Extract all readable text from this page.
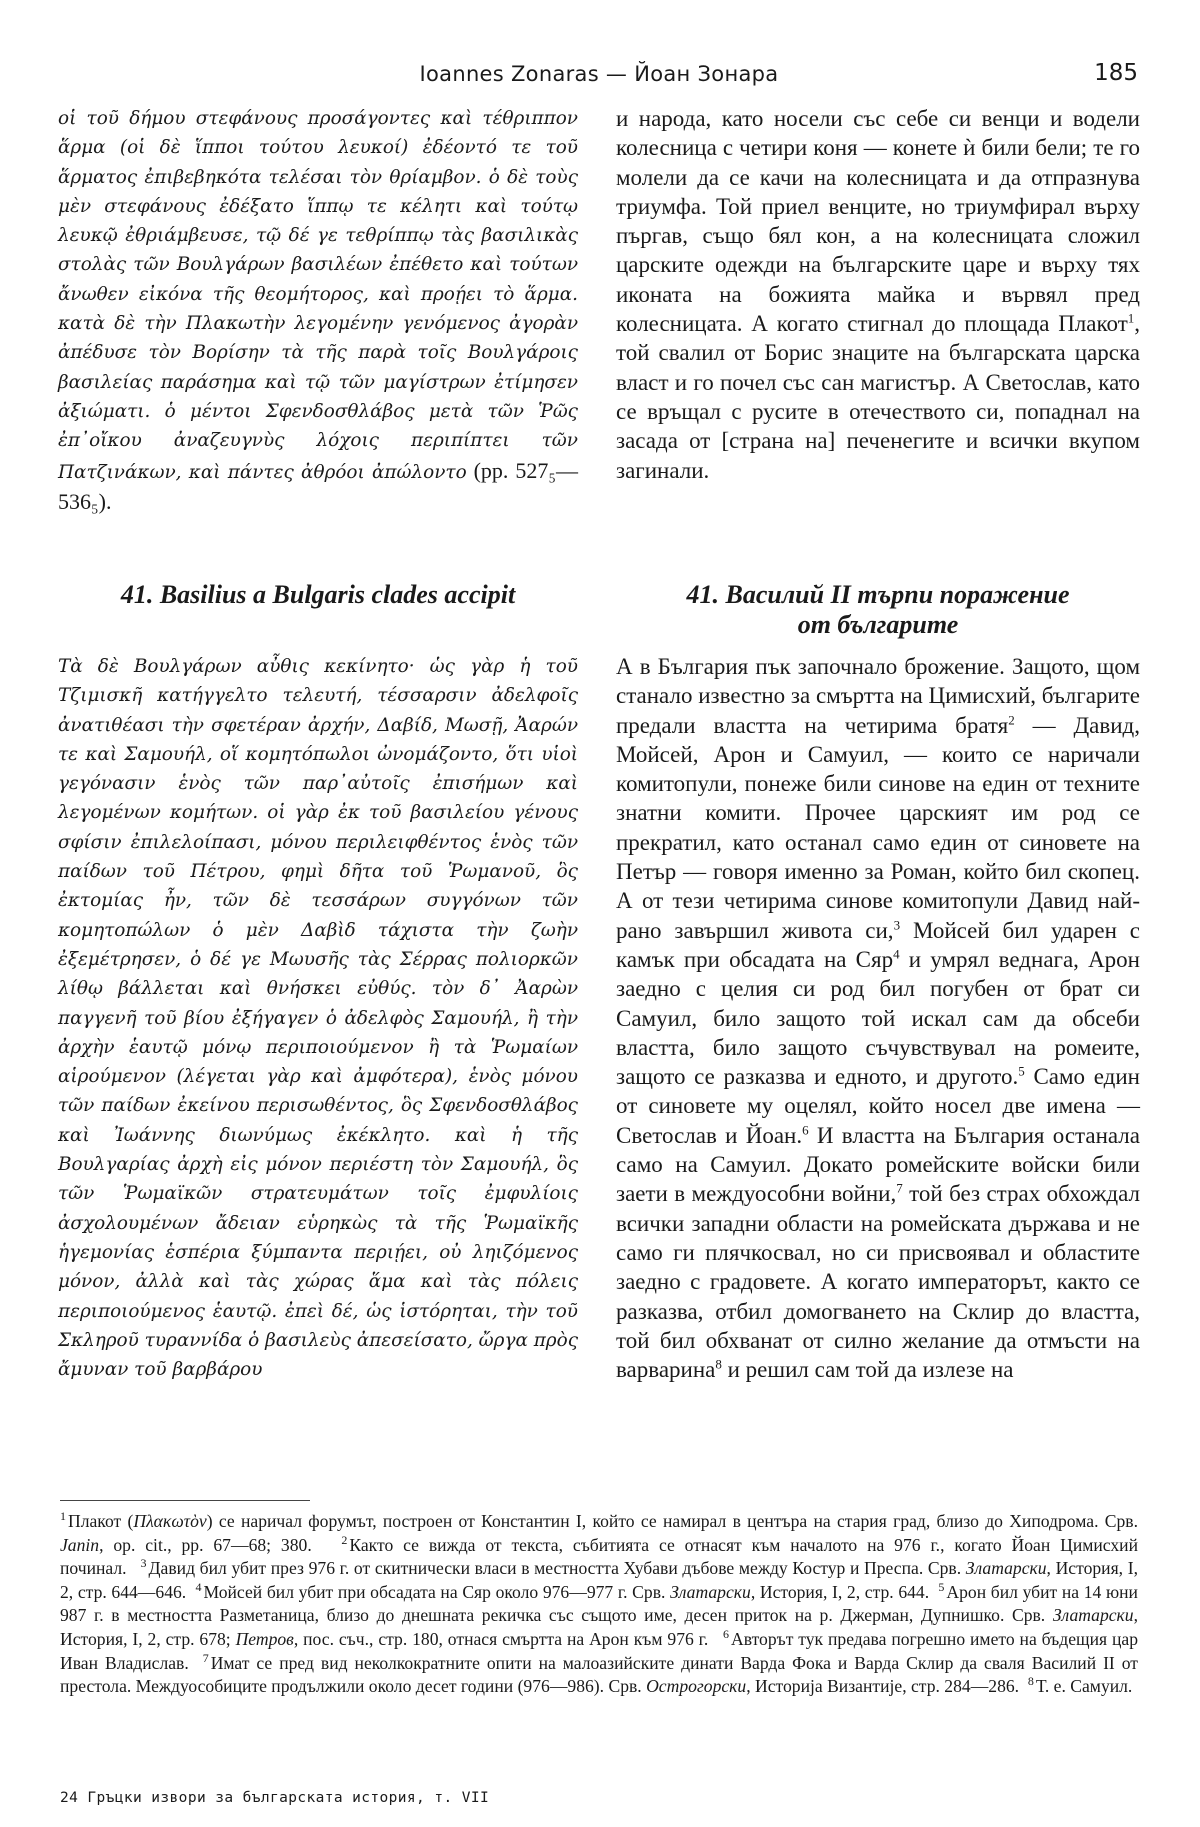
Ioannes Zonaras — Йоан Зонара	185

οἱ τοῦ δήμου στεφάνους προσάγοντες καὶ τέθριππον ἅρμα (οἱ δὲ ἵπποι τούτου λευκοί) ἐδέοντό τε τοῦ ἅρματος ἐπιβεβηκότα τελέσαι τὸν θρίαμβον. ὁ δὲ τοὺς μὲν στεφάνους ἐδέξατο ἵππῳ τε κέλητι καὶ τούτῳ λευκῷ ἐθριάμβευσε, τῷ δέ γε τεθρίππῳ τὰς βασιλικὰς στολὰς τῶν Βουλγάρων βασιλέων ἐπέθετο καὶ τούτων ἄνωθεν εἰκόνα τῆς θεομήτορος, καὶ προῄει τὸ ἅρμα. κατὰ δὲ τὴν Πλακωτὴν λεγομένην γενόμενος ἀγορὰν ἀπέδυσε τὸν Βορίσην τὰ τῆς παρὰ τοῖς Βουλγάροις βασιλείας παράσημα καὶ τῷ τῶν μαγίστρων ἐτίμησεν ἀξιώματι. ὁ μέντοι Σφενδοσθλάβος μετὰ τῶν Ῥῶς ἐπ᾽οἴκου ἀναζευγνὺς λόχοις περιπίπτει τῶν Πατζινάκων, καὶ πάντες ἀθρόοι ἀπώλοντο (pp. 527₅—536₅).

и народа, като носели със себе си венци и водели колесница с четири коня — конете ѝ били бели; те го молели да се качи на колесницата и да отпразнува триумфа. Той приел венците, но триумфирал върху пъргав, също бял кон, а на колесницата сложил царските одежди на българските царе и върху тях иконата на божията майка и вървял пред колесницата. А когато стигнал до площада Плакот$^1$, той свалил от Борис знаците на българската царска власт и го почел със сан магистър. А Светослав, като се връщал с русите в отечеството си, попаднал на засада от [страна на] печенегите и всички вкупом загинали.

41. Basilius a Bulgaris clades accipit	41. Василий II търпи поражение
от българите

Τὰ δὲ Βουλγάρων αὖθις κεκίνητο· ὡς γὰρ ἡ τοῦ Τζιμισκῆ κατήγγελτο τελευτή, τέσσαρσιν ἀδελφοῖς ἀνατιθέασι τὴν σφετέραν ἀρχήν, Δαβίδ, Μωσῇ, Ἀαρών τε καὶ Σαμουήλ, οἵ κομητόπωλοι ὠνομάζοντο, ὅτι υἱοὶ γεγόνασιν ἑνὸς τῶν παρ᾽αὐτοῖς ἐπισήμων καὶ λεγομένων κομήτων. οἱ γὰρ ἐκ τοῦ βασιλείου γένους σφίσιν ἐπιλελοίπασι, μόνου περιλειφθέντος ἑνὸς τῶν παίδων τοῦ Πέτρου, φημὶ δῆτα τοῦ Ῥωμανοῦ, ὃς ἐκτομίας ἦν, τῶν δὲ τεσσάρων συγγόνων τῶν κομητοπώλων ὁ μὲν Δαβὶδ τάχιστα τὴν ζωὴν ἐξεμέτρησεν, ὁ δέ γε Μωυσῆς τὰς Σέρρας πολιορκῶν λίθῳ βάλλεται καὶ θνήσκει εὐθύς. τὸν δ᾽ Ἀαρὼν παγγενῆ τοῦ βίου ἐξήγαγεν ὁ ἀδελφὸς Σαμουήλ, ἢ τὴν ἀρχὴν ἑαυτῷ μόνῳ περιποιούμενον ἢ τὰ Ῥωμαίων αἱρούμενον (λέγεται γὰρ καὶ ἀμφότερα), ἑνὸς μόνου τῶν παίδων ἐκείνου περισωθέντος, ὃς Σφενδοσθλάβος καὶ Ἰωάννης διωνύμως ἐκέκλητο. καὶ ἡ τῆς Βουλγαρίας ἀρχὴ εἰς μόνον περιέστη τὸν Σαμουήλ, ὃς τῶν Ῥωμαϊκῶν στρατευμάτων τοῖς ἐμφυλίοις ἀσχολουμένων ἄδειαν εὑρηκὼς τὰ τῆς Ῥωμαϊκῆς ἡγεμονίας ἑσπέρια ξύμπαντα περιῄει, οὐ ληιζόμενος μόνον, ἀλλὰ καὶ τὰς χώρας ἅμα καὶ τὰς πόλεις περιποιούμενος ἑαυτῷ. ἐπεὶ δέ, ὡς ἱστόρηται, τὴν τοῦ Σκληροῦ τυραννίδα ὁ βασιλεὺς ἀπεσείσατο, ὤργα πρὸς ἄμυναν τοῦ βαρβάρου

А в България пък започнало брожение. Защото, щом станало известно за смъртта на Цимисхий, българите предали властта на четирима братя$^2$ — Давид, Мойсей, Арон и Самуил, — които се наричали комитопули, понеже били синове на един от техните знатни комити. Прочее царският им род се прекратил, като останал само един от синовете на Петър — говоря именно за Роман, който бил скопец. А от тези четирима синове комитопули Давид най-рано завършил живота си,$^3$ Мойсей бил ударен с камък при обсадата на Сяр$^4$ и умрял веднага, Арон заедно с целия си род бил погубен от брат си Самуил, било защото той искал сам да обсеби властта, било защото съчувствувал на ромеите, защото се разказва и едното, и другото.$^5$ Само един от синовете му оцелял, който носел две имена — Светослав и Йоан.$^6$ И властта на България останала само на Самуил. Докато ромейските войски били заети в междуособни войни,$^7$ той без страх обхождал всички западни области на ромейската държава и не само ги плячкосвал, но си присвоявал и областите заедно с градовете. А когато императорът, както се разказва, отбил домогването на Склир до властта, той бил обхванат от силно желание да отмъсти на варварина$^8$ и решил сам той да излезе на

$^1$ Плакот (Πλακωτὸν) се наричал форумът, построен от Константин I, който се намирал в центъра на стария град, близо до Хиподрома. Срв. Janin, op. cit., pp. 67—68; 380. $^2$ Както се вижда от текста, събитията се отнасят към началото на 976 г., когато Йоан Цимисхий починал. $^3$ Давид бил убит през 976 г. от скитнически власи в местността Хубави дъбове между Костур и Преспа. Срв. Златарски, История, I, 2, стр. 644—646. $^4$ Мойсей бил убит при обсадата на Сяр около 976—977 г. Срв. Златарски, История, I, 2, стр. 644. $^5$ Арон бил убит на 14 юни 987 г. в местността Разметаница, близо до днешната рекичка със същото име, десен приток на р. Джерман, Дупнишко. Срв. Златарски, История, I, 2, стр. 678; Петров, пос. съч., стр. 180, отнася смъртта на Арон към 976 г. $^6$ Авторът тук предава погрешно името на бъдещия цар Иван Владислав. $^7$ Имат се пред вид неколкократните опити на малоазийските динати Варда Фока и Варда Склир да сваля Василий II от престола. Междуособиците продължили около десет години (976—986). Срв. Острогорски, Историја Византије, стр. 284—286. $^8$ Т. е. Самуил.

24 Гръцки извори за българската история, т. VII
